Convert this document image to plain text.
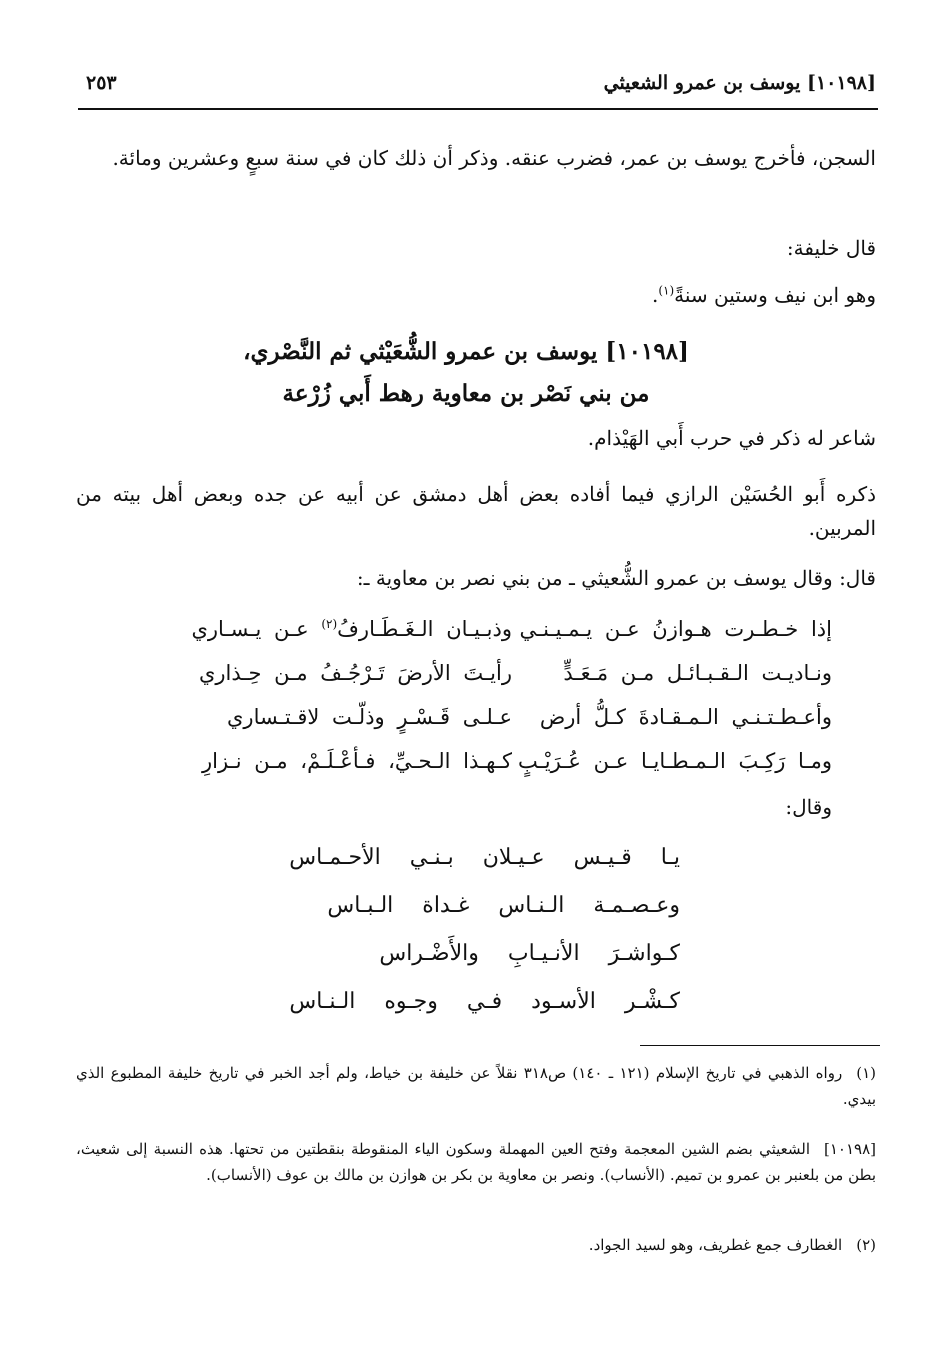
[١٠١٩٨] يوسف بن عمرو الشعيثي
٢٥٣
السجن، فأخرج يوسف بن عمر، فضرب عنقه. وذكر أن ذلك كان في سنة سبعٍ وعشرين ومائة.
قال خليفة:
وهو ابن نيف وستين سنةً$^{(١)}$.
[١٠١٩٨] يوسف بن عمرو الشُّعَيْثي ثم النَّصْري،
من بني نَصْر بن معاوية رهط أَبي زُرْعة
شاعر له ذكر في حرب أَبي الهَيْذام.
ذكره أَبو الحُسَيْن الرازي فيما أفاده بعض أهل دمشق عن أبيه عن جده وبعض أهل بيته من المربين.
قال: وقال يوسف بن عمرو الشُّعيثي ـ من بني نصر بن معاوية ـ:
إذا خـطـرت هـوازنُ عـن يـمـيـنـي
وذبـيـان الـغَـطَـارفُ$^{(٢)}$ عـن يـسـاري
ونـاديـت الـقـبـائـل مـن مَـعَـدٍّ
رأيـتَ الأرضَ تَـرْجُـفُ مـن حِـذاري
وأعـطـتـنـي الـمـقـادةَ كـلُّ أرض
عـلـى قَـسْـرٍ وذلّـت لاقـتـساري
ومـا رَكِـبَ الـمـطـايـا عـن عُـرَيْـبٍ
كـهـذا الـحـيِّ، فـأعْـلَـمْ، مـن نـزارِ
وقال:
يـا قـيـس عـيـلان بـنـي الأحـمـاس
وعـصـمـة الـنـاس غـداة الـبـاس
كـواشـرَ الأنـيـابِ والأَضْـراس
كـشْـر الأسـود فـي وجـوه الـنـاس
(١)رواه الذهبي في تاريخ الإسلام (١٢١ ـ ١٤٠) ص٣١٨ نقلاً عن خليفة بن خياط، ولم أجد الخبر في تاريخ خليفة المطبوع الذي بيدي.
[١٠١٩٨]الشعيثي بضم الشين المعجمة وفتح العين المهملة وسكون الياء المنقوطة بنقطتين من تحتها. هذه النسبة إلى شعيث، بطن من بلعنبر بن عمرو بن تميم. (الأنساب). ونصر بن معاوية بن بكر بن هوازن بن مالك بن عوف (الأنساب).
(٢)الغطارف جمع غطريف، وهو لسيد الجواد.
